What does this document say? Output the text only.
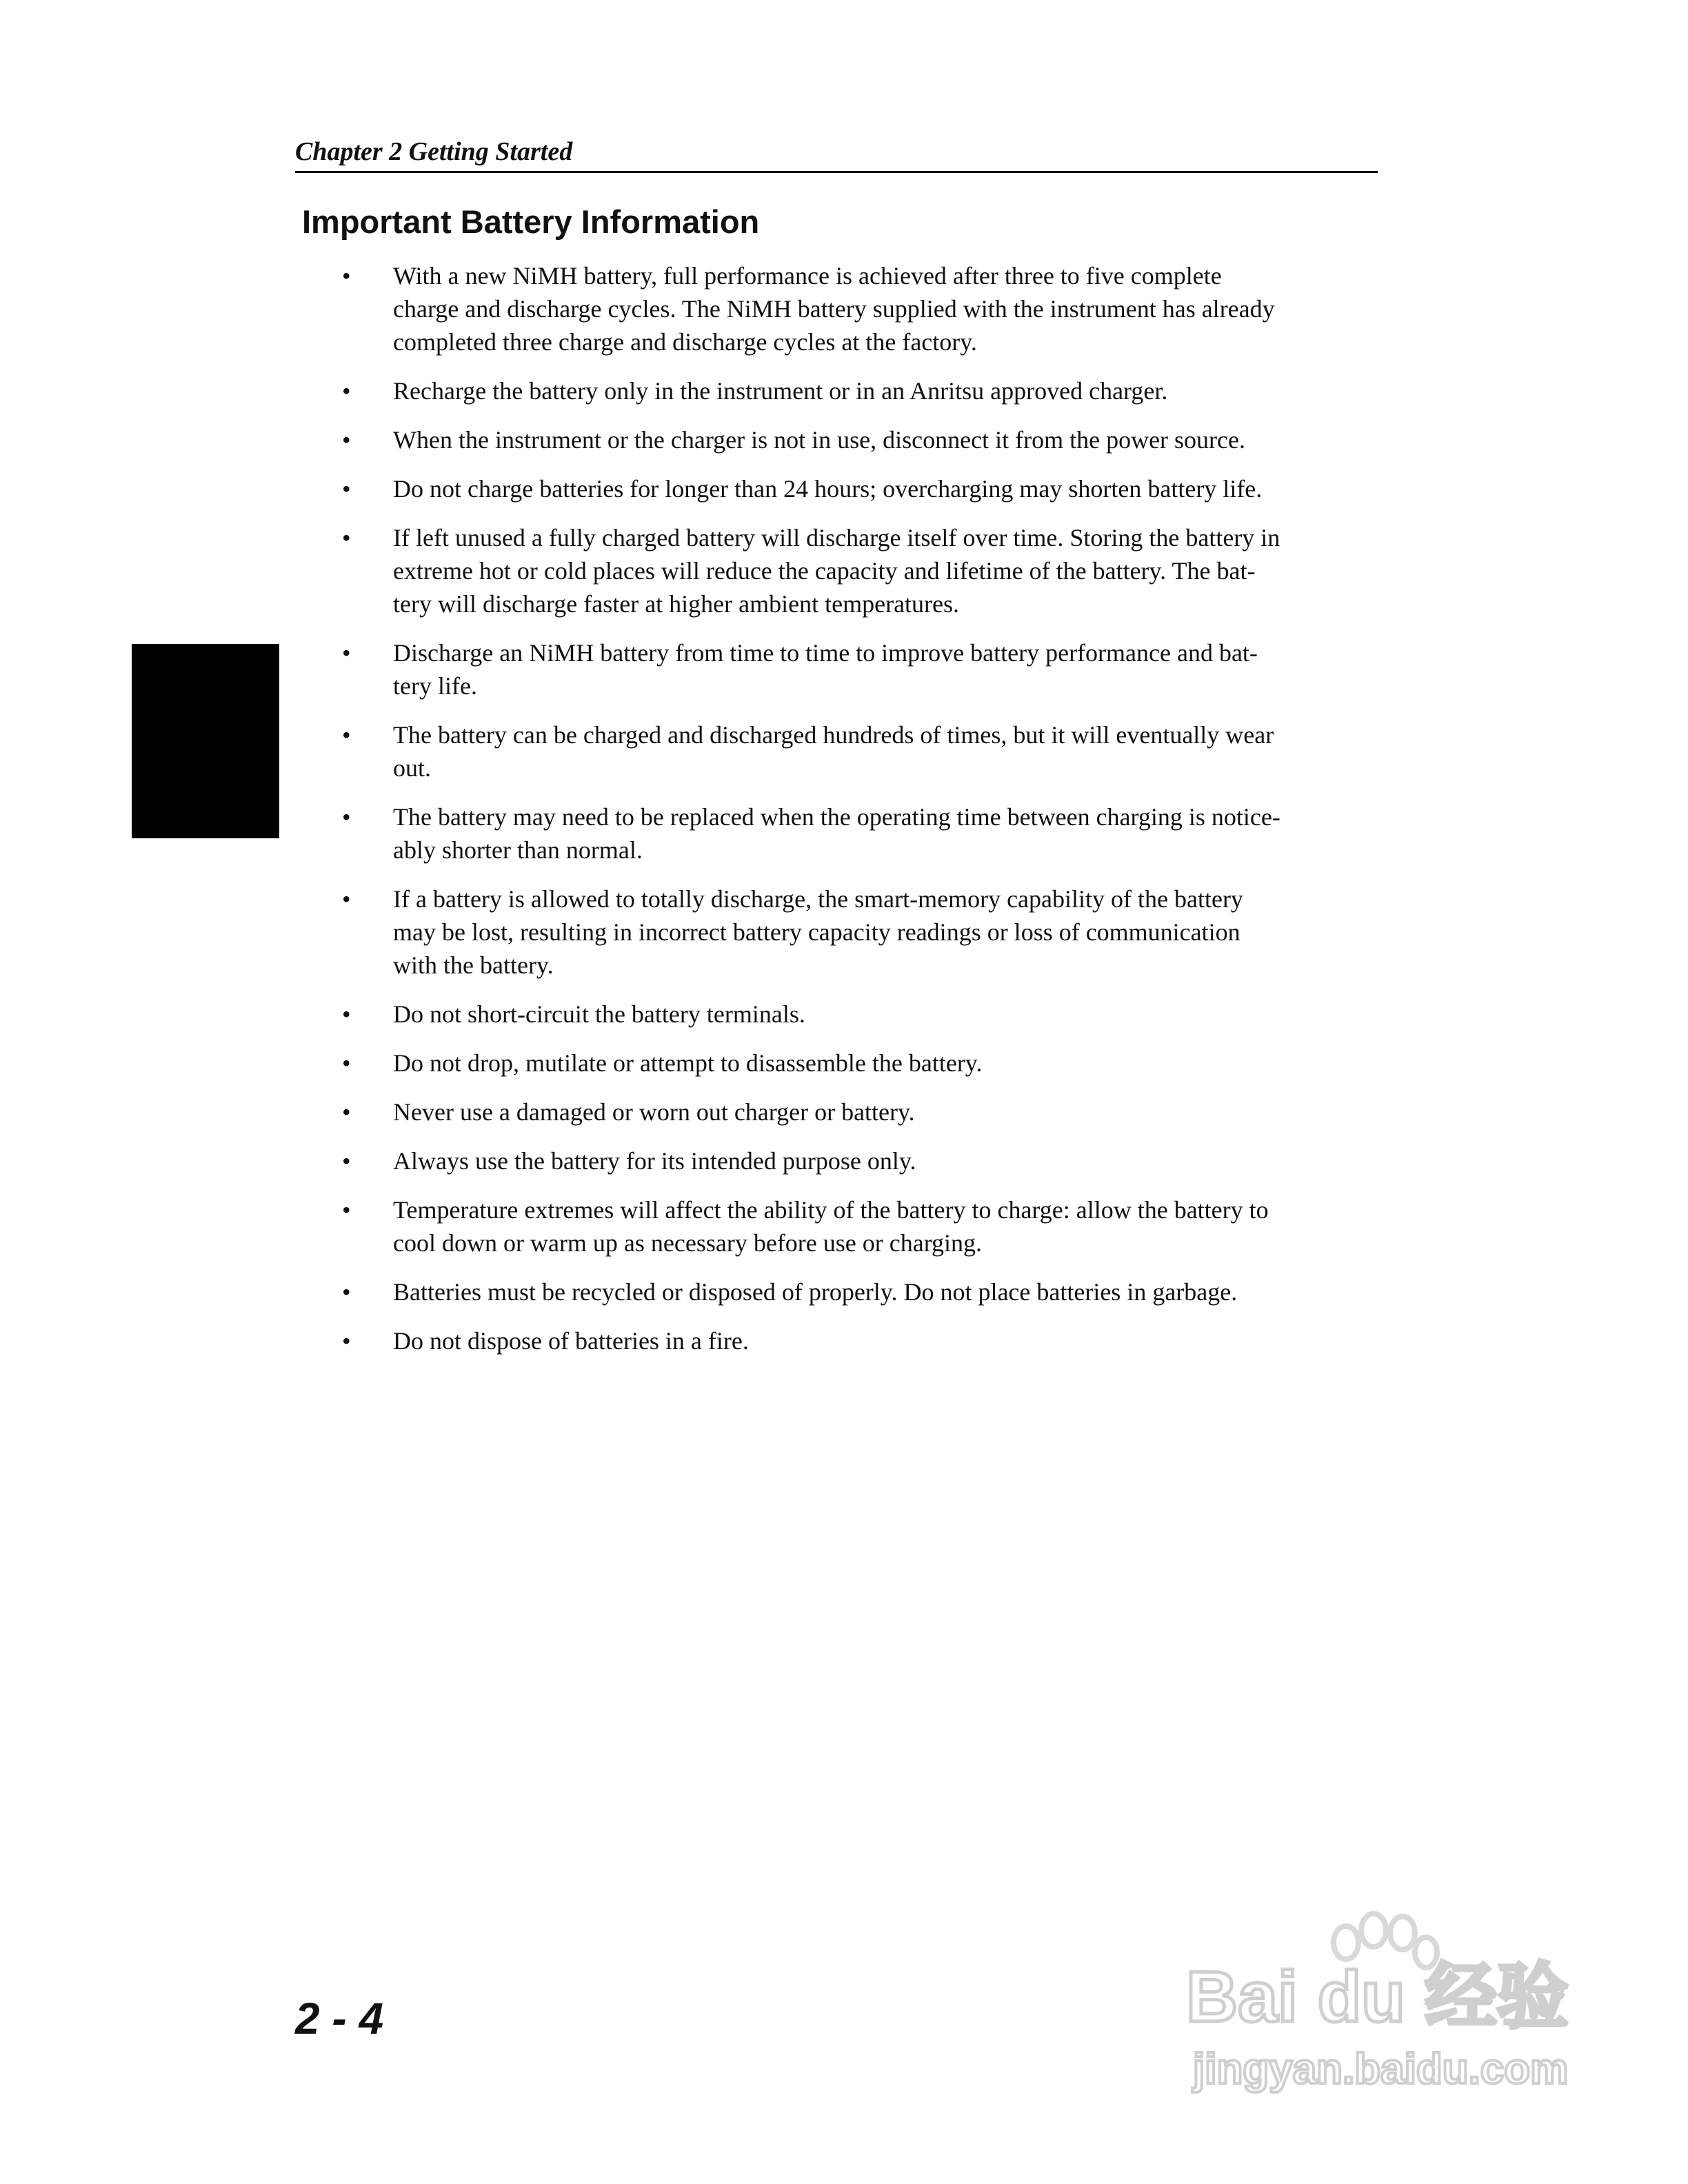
Chapter 2 Getting Started
Important Battery Information
• With a new NiMH battery, full performance is achieved after three to five complete
charge and discharge cycles. The NiMH battery supplied with the instrument has already
completed three charge and discharge cycles at the factory.
• Recharge the battery only in the instrument or in an Anritsu approved charger.
• When the instrument or the charger is not in use, disconnect it from the power source.
• Do not charge batteries for longer than 24 hours; overcharging may shorten battery life.
• If left unused a fully charged battery will discharge itself over time. Storing the battery in
extreme hot or cold places will reduce the capacity and lifetime of the battery. The bat-
tery will discharge faster at higher ambient temperatures.
• Discharge an NiMH battery from time to time to improve battery performance and bat-
tery life.
• The battery can be charged and discharged hundreds of times, but it will eventually wear
out.
• The battery may need to be replaced when the operating time between charging is notice-
ably shorter than normal.
• If a battery is allowed to totally discharge, the smart-memory capability of the battery
may be lost, resulting in incorrect battery capacity readings or loss of communication
with the battery.
• Do not short-circuit the battery terminals.
• Do not drop, mutilate or attempt to disassemble the battery.
• Never use a damaged or worn out charger or battery.
• Always use the battery for its intended purpose only.
• Temperature extremes will affect the ability of the battery to charge: allow the battery to
cool down or warm up as necessary before use or charging.
• Batteries must be recycled or disposed of properly. Do not place batteries in garbage.
• Do not dispose of batteries in a fire.
2 - 4	Bai du 经验
jingyan.baidu.com
